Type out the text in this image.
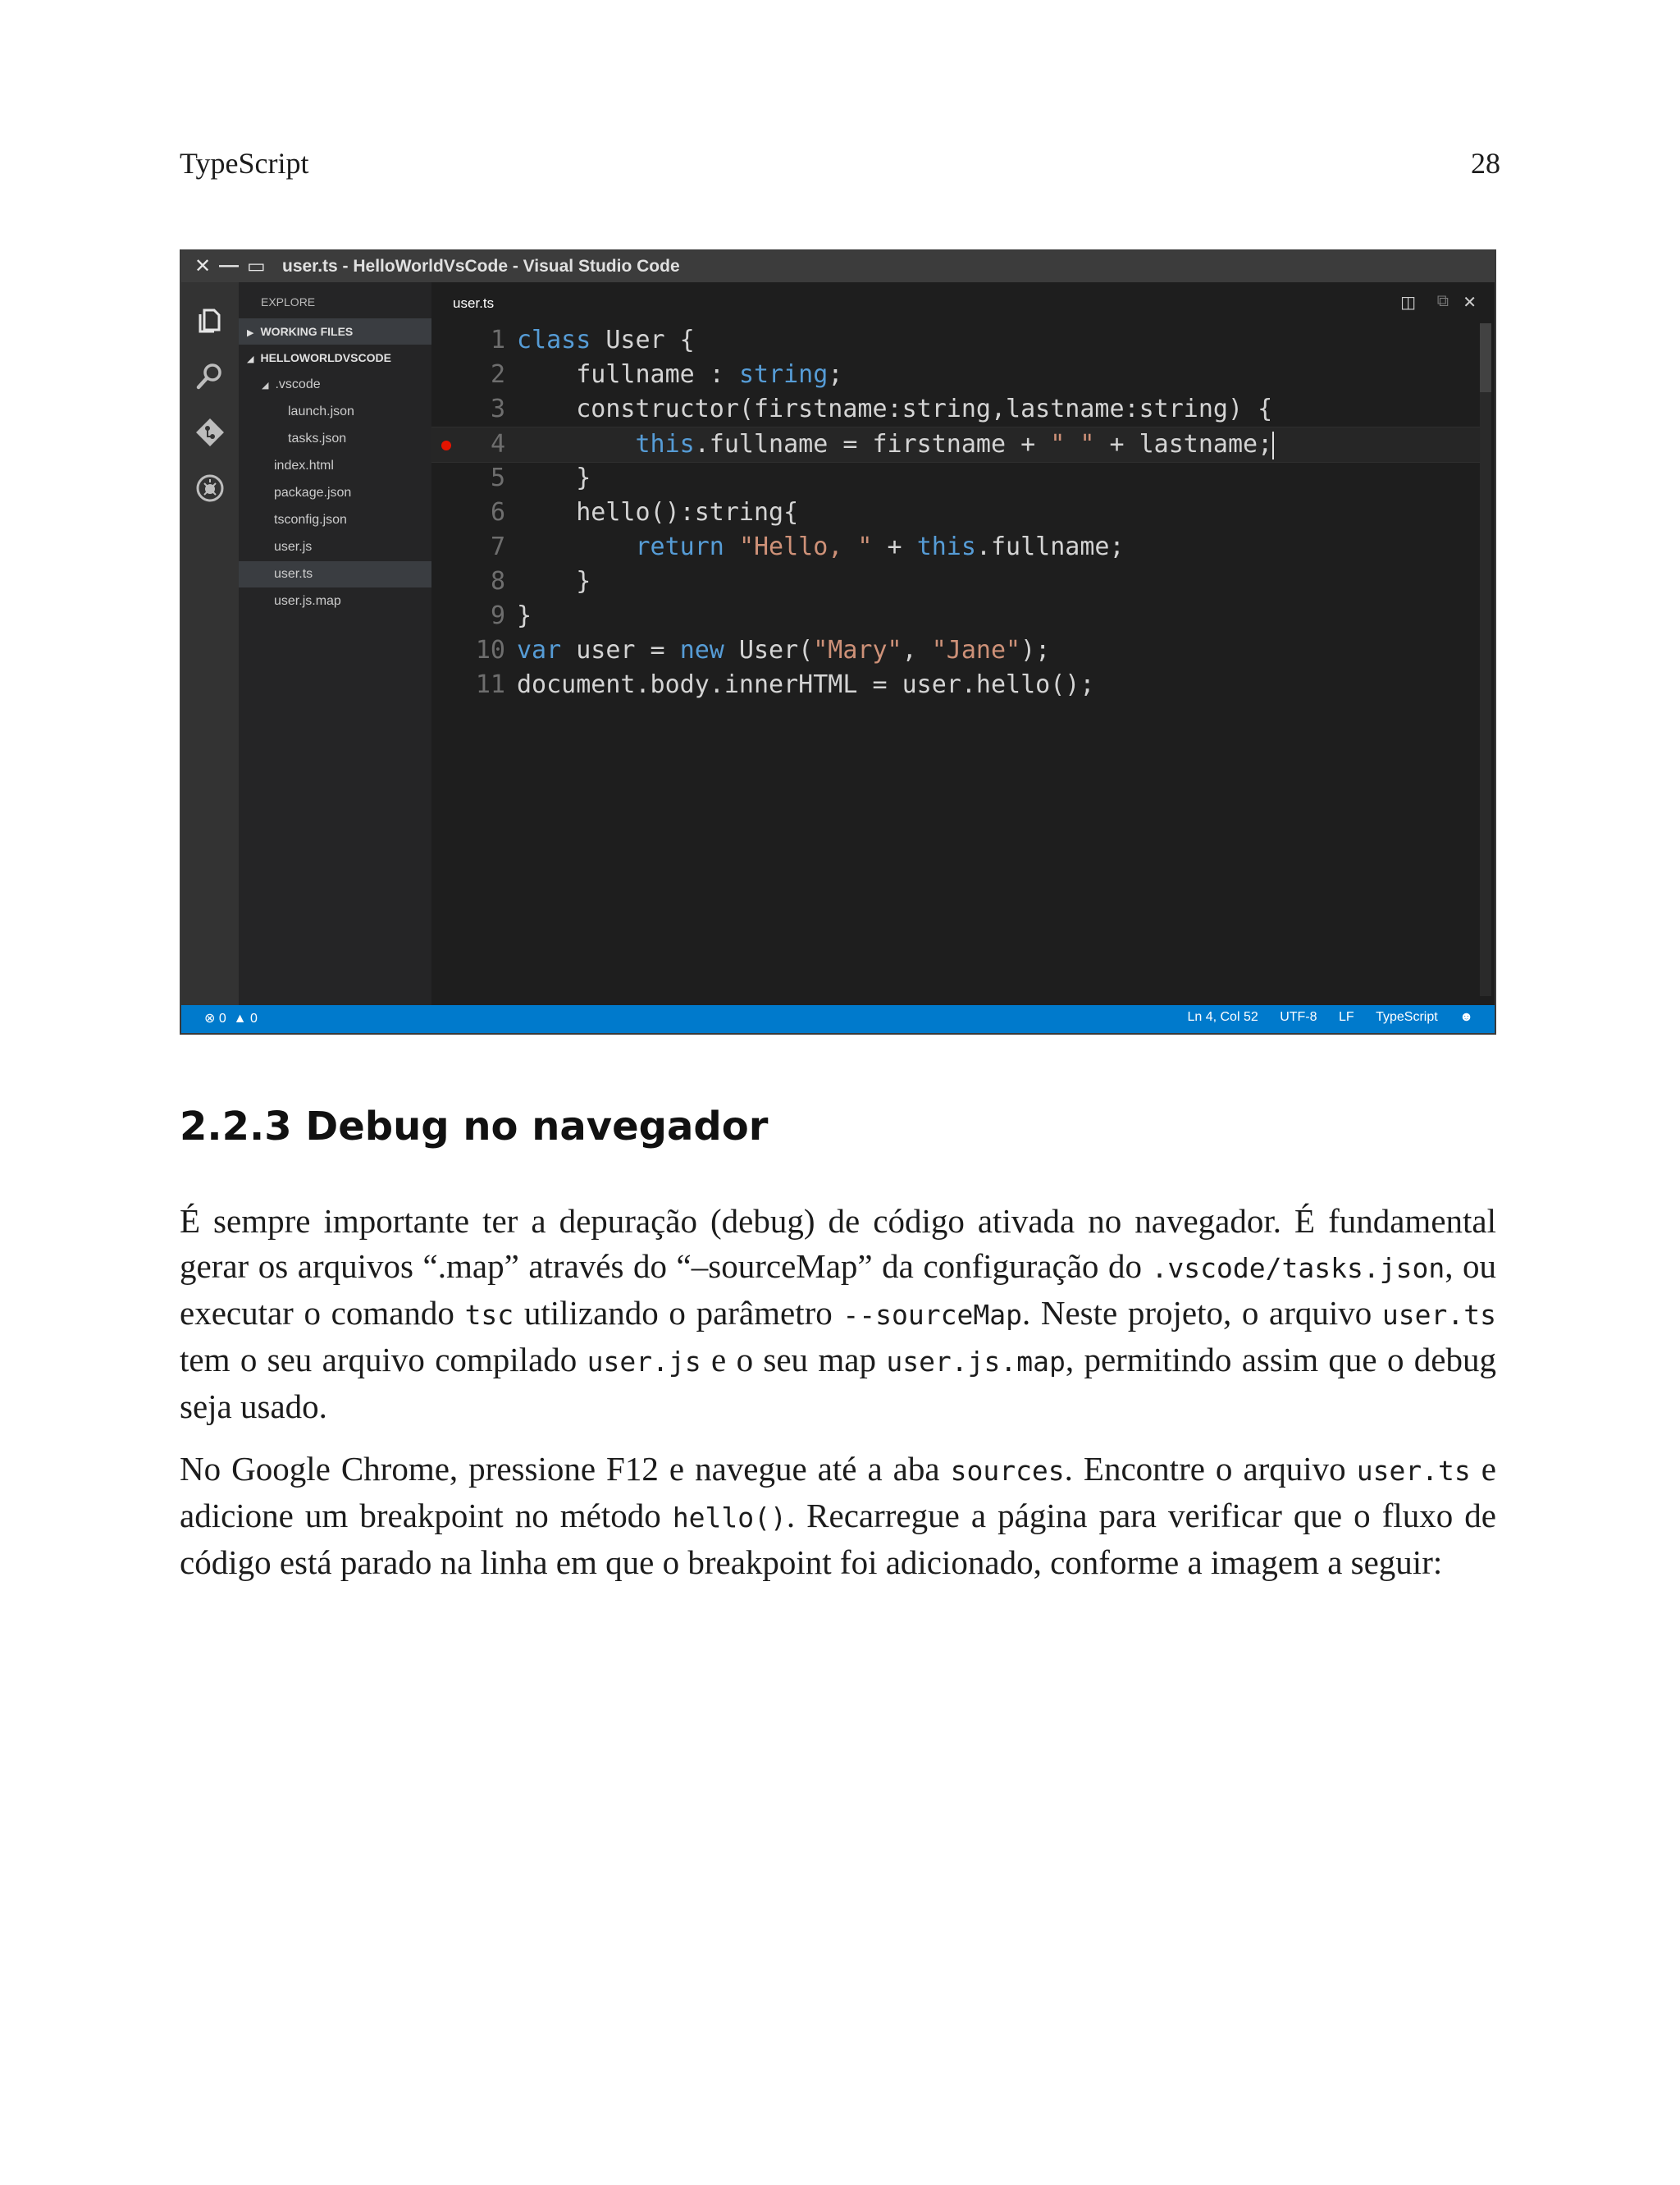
TypeScript	28
✕ — ▭ user.ts - HelloWorldVsCode - Visual Studio Code
EXPLORE
▶ WORKING FILES
◢ HELLOWORLDVSCODE
◢ .vscode
launch.json
tasks.json
index.html
package.json
tsconfig.json
user.js
user.ts
user.js.map
user.ts	◫ ⧉ ✕
1 class User {
2 fullname : string;
3 constructor(firstname:string,lastname:string) {
4	this.fullname = firstname + " " + lastname;
5 }
6 hello():string{
7	return "Hello, " + this.fullname;
8 }
9 }
10 var user = new User("Mary", "Jane");
11 document.body.innerHTML = user.hello();
⊗ 0 ▲ 0	Ln 4, Col 52 UTF-8 LF TypeScript ☻
2.2.3 Debug no navegador

É sempre importante ter a depuração (debug) de código ativada no navegador. É fundamental gerar os arquivos “.map” através do “–sourceMap” da configuração do .vscode/tasks.json, ou executar o comando tsc utilizando o parâmetro --sourceMap. Neste projeto, o arquivo user.ts tem o seu arquivo compilado user.js e o seu map user.js.map, permitindo assim que o debug seja usado.

No Google Chrome, pressione F12 e navegue até a aba sources. Encontre o arquivo user.ts e adicione um breakpoint no método hello(). Recarregue a página para verificar que o fluxo de código está parado na linha em que o breakpoint foi adicionado, conforme a imagem a seguir:
